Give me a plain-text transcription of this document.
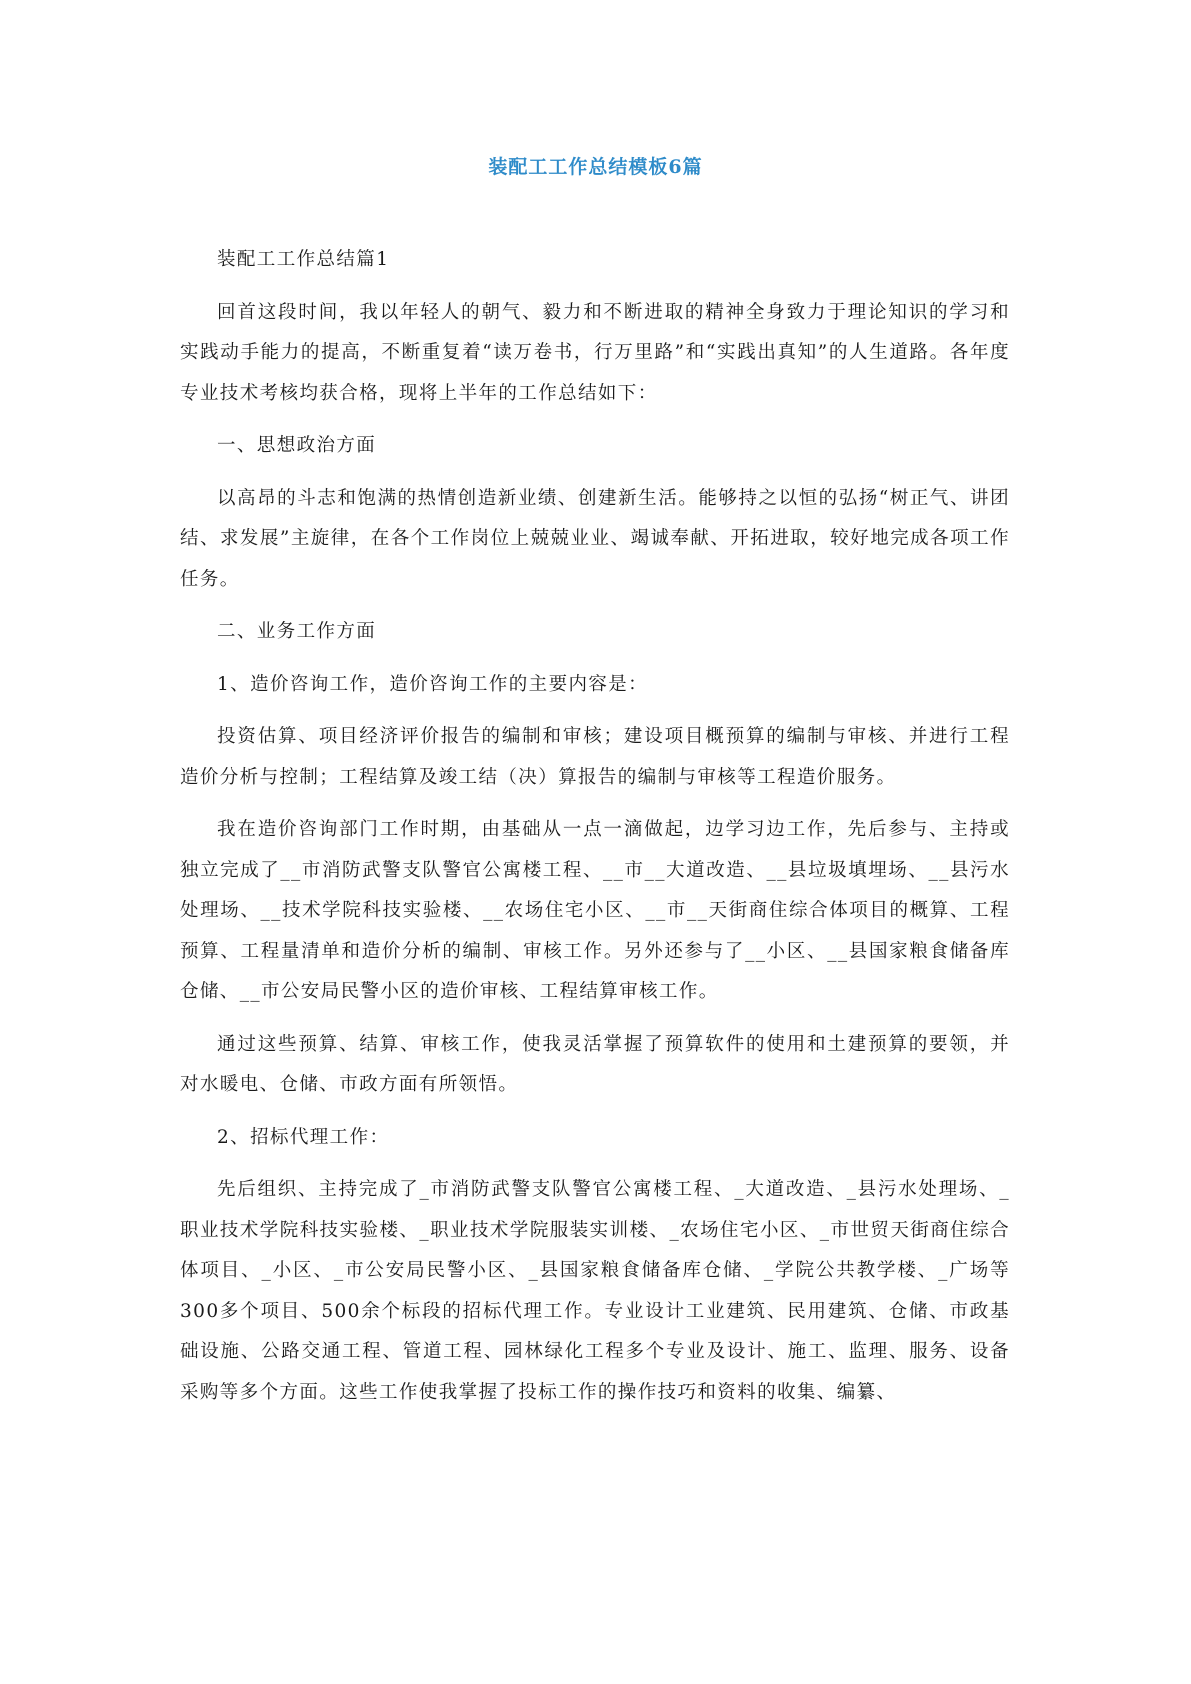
装配工工作总结模板6篇

装配工工作总结篇1

回首这段时间，我以年轻人的朝气、毅力和不断进取的精神全身致力于理论知识的学习和实践动手能力的提高，不断重复着“读万卷书，行万里路”和“实践出真知”的人生道路。各年度专业技术考核均获合格，现将上半年的工作总结如下：

一、思想政治方面

以高昂的斗志和饱满的热情创造新业绩、创建新生活。能够持之以恒的弘扬“树正气、讲团结、求发展”主旋律，在各个工作岗位上兢兢业业、竭诚奉献、开拓进取，较好地完成各项工作任务。

二、业务工作方面

1、造价咨询工作，造价咨询工作的主要内容是：

投资估算、项目经济评价报告的编制和审核；建设项目概预算的编制与审核、并进行工程造价分析与控制；工程结算及竣工结（决）算报告的编制与审核等工程造价服务。

我在造价咨询部门工作时期，由基础从一点一滴做起，边学习边工作，先后参与、主持或独立完成了__市消防武警支队警官公寓楼工程、__市__大道改造、__县垃圾填埋场、__县污水处理场、__技术学院科技实验楼、__农场住宅小区、__市__天街商住综合体项目的概算、工程预算、工程量清单和造价分析的编制、审核工作。另外还参与了__小区、__县国家粮食储备库仓储、__市公安局民警小区的造价审核、工程结算审核工作。

通过这些预算、结算、审核工作，使我灵活掌握了预算软件的使用和土建预算的要领，并对水暖电、仓储、市政方面有所领悟。

2、招标代理工作：

先后组织、主持完成了_市消防武警支队警官公寓楼工程、_大道改造、_县污水处理场、_职业技术学院科技实验楼、_职业技术学院服装实训楼、_农场住宅小区、_市世贸天街商住综合体项目、_小区、_市公安局民警小区、_县国家粮食储备库仓储、_学院公共教学楼、_广场等300多个项目、500余个标段的招标代理工作。专业设计工业建筑、民用建筑、仓储、市政基础设施、公路交通工程、管道工程、园林绿化工程多个专业及设计、施工、监理、服务、设备采购等多个方面。这些工作使我掌握了投标工作的操作技巧和资料的收集、编纂、
